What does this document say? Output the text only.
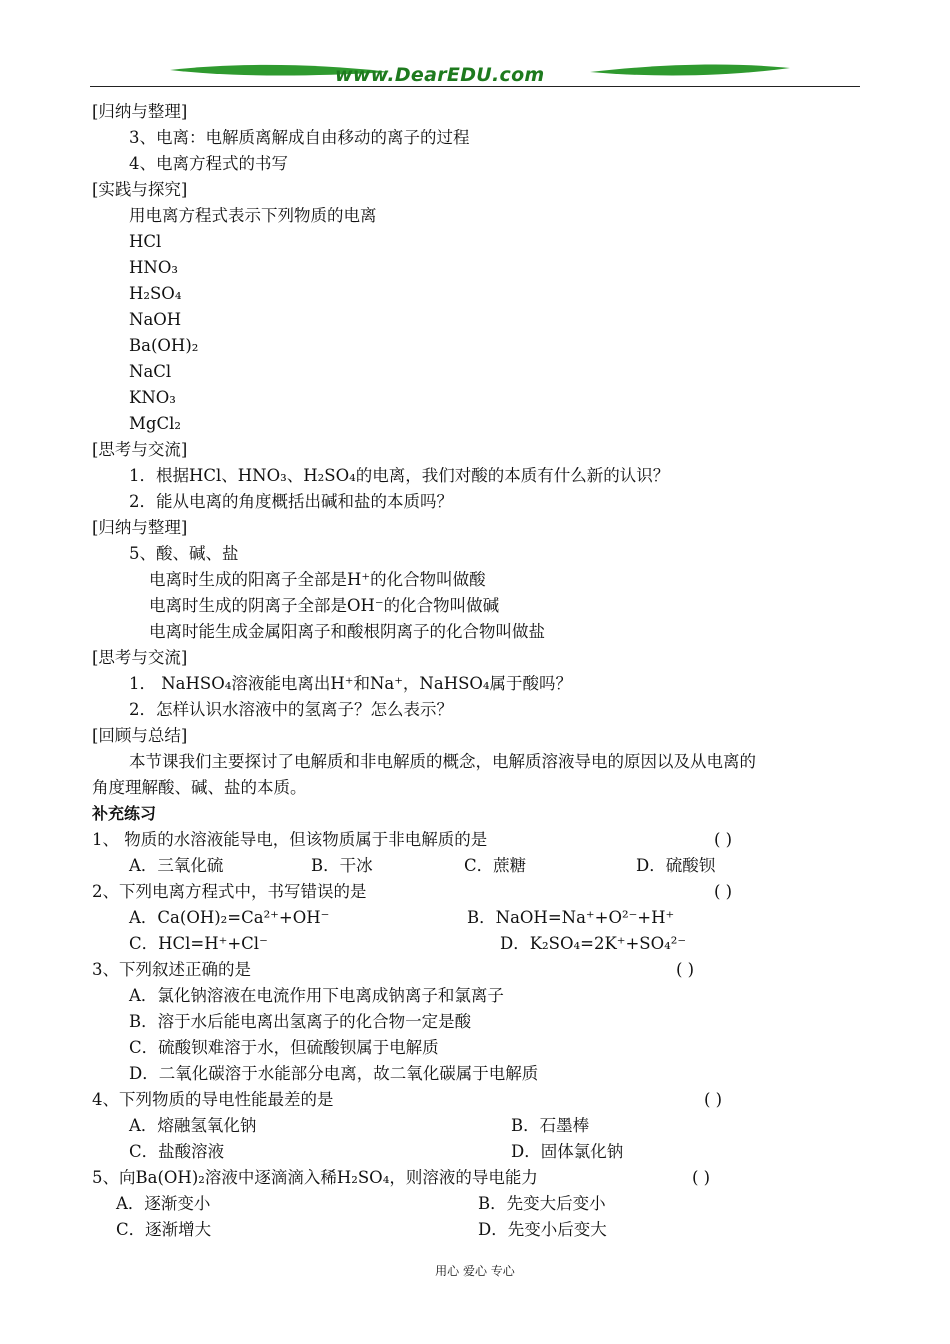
www.DearEDU.com
[归纳与整理]
3、电离：电解质离解成自由移动的离子的过程
4、电离方程式的书写
[实践与探究]
用电离方程式表示下列物质的电离
HCl
HNO₃
H₂SO₄
NaOH
Ba(OH)₂
NaCl
KNO₃
MgCl₂
[思考与交流]
1．根据HCl、HNO₃、H₂SO₄的电离，我们对酸的本质有什么新的认识？
2．能从电离的角度概括出碱和盐的本质吗？
[归纳与整理]
5、酸、碱、盐
电离时生成的阳离子全部是H⁺的化合物叫做酸
电离时生成的阴离子全部是OH⁻的化合物叫做碱
电离时能生成金属阳离子和酸根阴离子的化合物叫做盐
[思考与交流]
1． NaHSO₄溶液能电离出H⁺和Na⁺，NaHSO₄属于酸吗？
2．怎样认识水溶液中的氢离子？怎么表示？
[回顾与总结]
本节课我们主要探讨了电解质和非电解质的概念，电解质溶液导电的原因以及从电离的
角度理解酸、碱、盐的本质。
补充练习
1、 物质的水溶液能导电，但该物质属于非电解质的是	( )
A．三氧化硫	B．干冰	C．蔗糖	D．硫酸钡
2、下列电离方程式中，书写错误的是	( )
A．Ca(OH)₂=Ca²⁺+OH⁻	B．NaOH=Na⁺+O²⁻+H⁺
C．HCl=H⁺+Cl⁻	D．K₂SO₄=2K⁺+SO₄²⁻
3、下列叙述正确的是	( )
A．氯化钠溶液在电流作用下电离成钠离子和氯离子
B．溶于水后能电离出氢离子的化合物一定是酸
C．硫酸钡难溶于水，但硫酸钡属于电解质
D．二氧化碳溶于水能部分电离，故二氧化碳属于电解质
4、下列物质的导电性能最差的是	( )
A．熔融氢氧化钠	B．石墨棒
C．盐酸溶液	D．固体氯化钠
5、向Ba(OH)₂溶液中逐滴滴入稀H₂SO₄，则溶液的导电能力	( )
A．逐渐变小	B．先变大后变小
C．逐渐增大	D．先变小后变大
用心 爱心 专心
